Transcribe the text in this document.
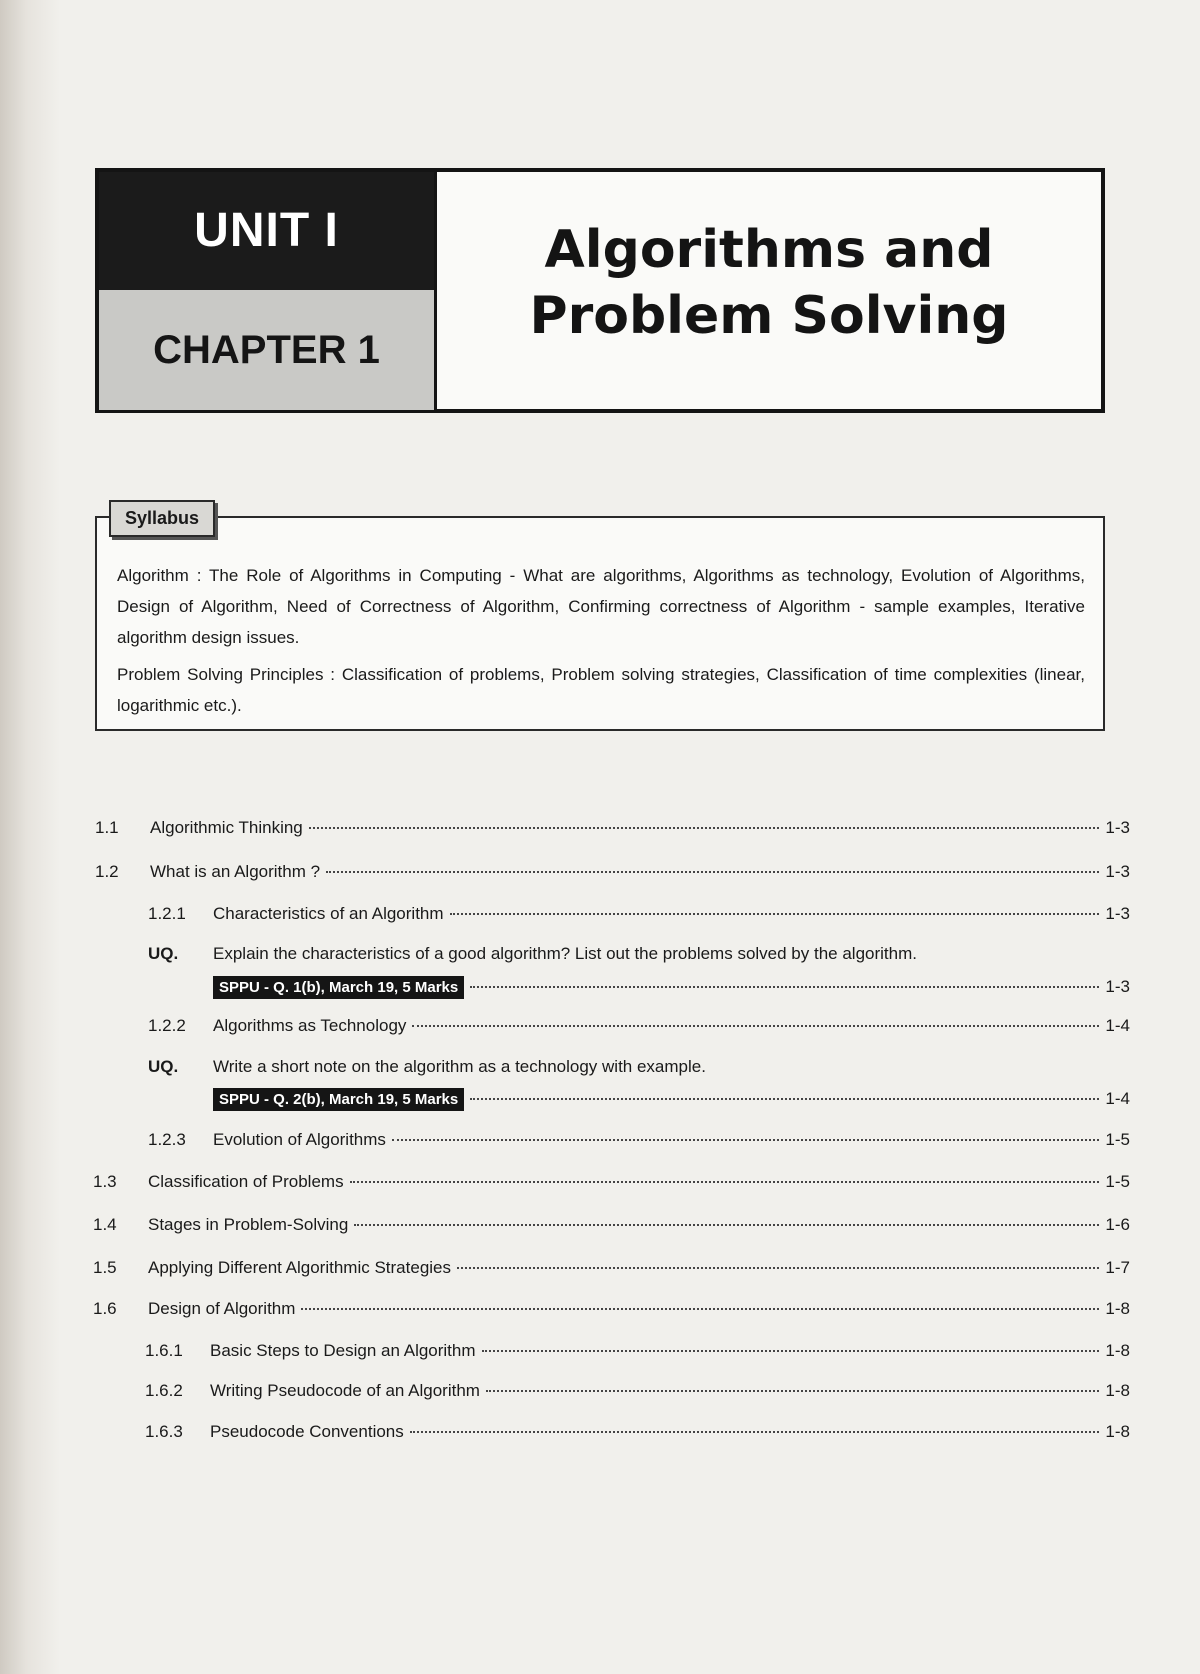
UNIT I
CHAPTER 1
Algorithms and
Problem Solving
Syllabus

Algorithm : The Role of Algorithms in Computing - What are algorithms, Algorithms as technology, Evolution of Algorithms, Design of Algorithm, Need of Correctness of Algorithm, Confirming correctness of Algorithm - sample examples, Iterative algorithm design issues.

Problem Solving Principles : Classification of problems, Problem solving strategies, Classification of time complexities (linear, logarithmic etc.).

1.1	Algorithmic Thinking	1-3
1.2	What is an Algorithm ?	1-3
1.2.1	Characteristics of an Algorithm	1-3
UQ.	Explain the characteristics of a good algorithm? List out the problems solved by the algorithm.
SPPU - Q. 1(b), March 19, 5 Marks	1-3
1.2.2	Algorithms as Technology	1-4
UQ.	Write a short note on the algorithm as a technology with example.
SPPU - Q. 2(b), March 19, 5 Marks	1-4
1.2.3	Evolution of Algorithms	1-5
1.3	Classification of Problems	1-5
1.4	Stages in Problem-Solving	1-6
1.5	Applying Different Algorithmic Strategies	1-7
1.6	Design of Algorithm	1-8
1.6.1	Basic Steps to Design an Algorithm	1-8
1.6.2	Writing Pseudocode of an Algorithm	1-8
1.6.3	Pseudocode Conventions	1-8
